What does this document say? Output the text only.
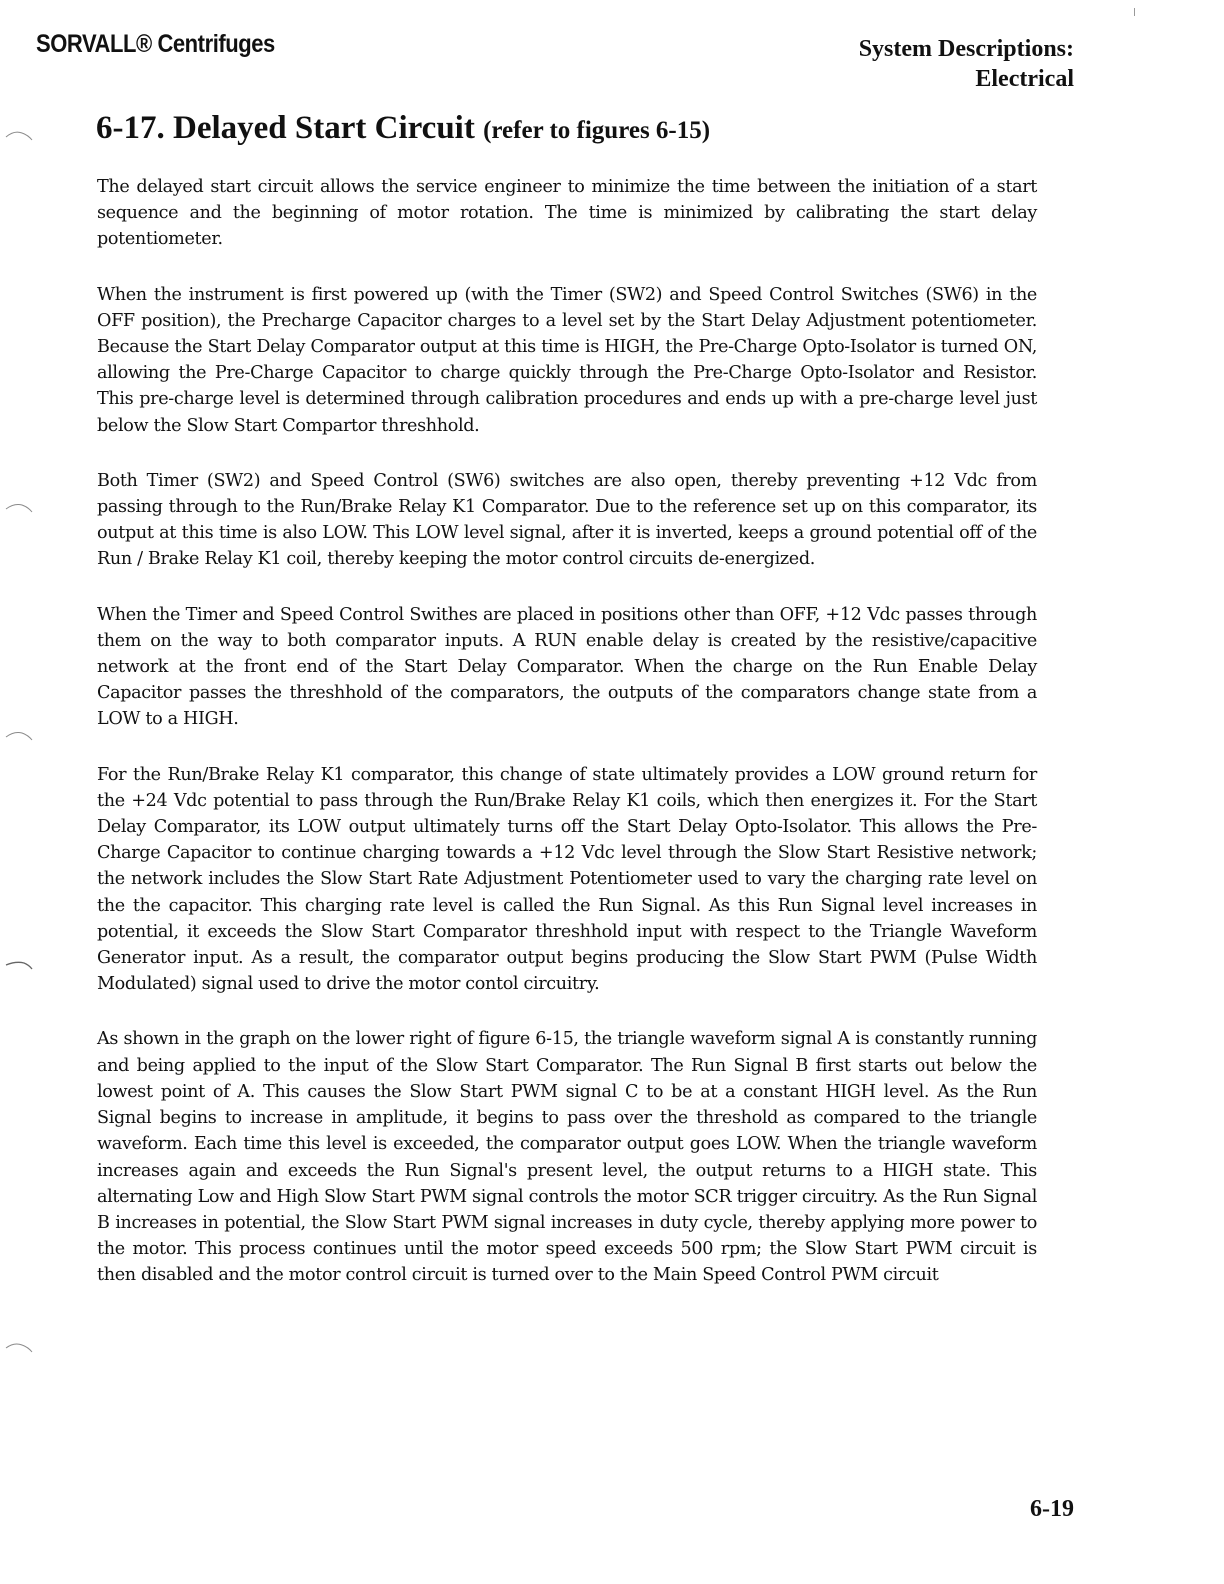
SORVALL® Centrifuges	System Descriptions:
Electrical
6-17. Delayed Start Circuit (refer to figures 6-15)

The delayed start circuit allows the service engineer to minimize the time between the initiation of a start sequence and the beginning of motor rotation. The time is minimized by calibrating the start delay potentiometer.

When the instrument is first powered up (with the Timer (SW2) and Speed Control Switches (SW6) in the OFF position), the Precharge Capacitor charges to a level set by the Start Delay Adjustment potentiometer. Because the Start Delay Comparator output at this time is HIGH, the Pre-Charge Opto-Isolator is turned ON, allowing the Pre-Charge Capacitor to charge quickly through the Pre-Charge Opto-Isolator and Resistor. This pre-charge level is determined through calibration procedures and ends up with a pre-charge level just below the Slow Start Compartor threshhold.

Both Timer (SW2) and Speed Control (SW6) switches are also open, thereby preventing +12 Vdc from passing through to the Run/Brake Relay K1 Comparator. Due to the reference set up on this comparator, its output at this time is also LOW. This LOW level signal, after it is inverted, keeps a ground potential off of the Run / Brake Relay K1 coil, thereby keeping the motor control circuits de-energized.

When the Timer and Speed Control Swithes are placed in positions other than OFF, +12 Vdc passes through them on the way to both comparator inputs. A RUN enable delay is created by the resistive/capacitive network at the front end of the Start Delay Comparator. When the charge on the Run Enable Delay Capacitor passes the threshhold of the comparators, the outputs of the comparators change state from a LOW to a HIGH.

For the Run/Brake Relay K1 comparator, this change of state ultimately provides a LOW ground return for the +24 Vdc potential to pass through the Run/Brake Relay K1 coils, which then energizes it. For the Start Delay Comparator, its LOW output ultimately turns off the Start Delay Opto-Isolator. This allows the Pre-Charge Capacitor to continue charging towards a +12 Vdc level through the Slow Start Resistive network; the network includes the Slow Start Rate Adjustment Potentiometer used to vary the charging rate level on the the capacitor. This charging rate level is called the Run Signal. As this Run Signal level increases in potential, it exceeds the Slow Start Comparator threshhold input with respect to the Triangle Waveform Generator input. As a result, the comparator output begins producing the Slow Start PWM (Pulse Width Modulated) signal used to drive the motor contol circuitry.

As shown in the graph on the lower right of figure 6-15, the triangle waveform signal A is constantly running and being applied to the input of the Slow Start Comparator. The Run Signal B first starts out below the lowest point of A. This causes the Slow Start PWM signal C to be at a constant HIGH level. As the Run Signal begins to increase in amplitude, it begins to pass over the threshold as compared to the triangle waveform. Each time this level is exceeded, the comparator output goes LOW. When the triangle waveform increases again and exceeds the Run Signal's present level, the output returns to a HIGH state. This alternating Low and High Slow Start PWM signal controls the motor SCR trigger circuitry. As the Run Signal B increases in potential, the Slow Start PWM signal increases in duty cycle, thereby applying more power to the motor. This process continues until the motor speed exceeds 500 rpm; the Slow Start PWM circuit is then disabled and the motor control circuit is turned over to the Main Speed Control PWM circuit

6-19
